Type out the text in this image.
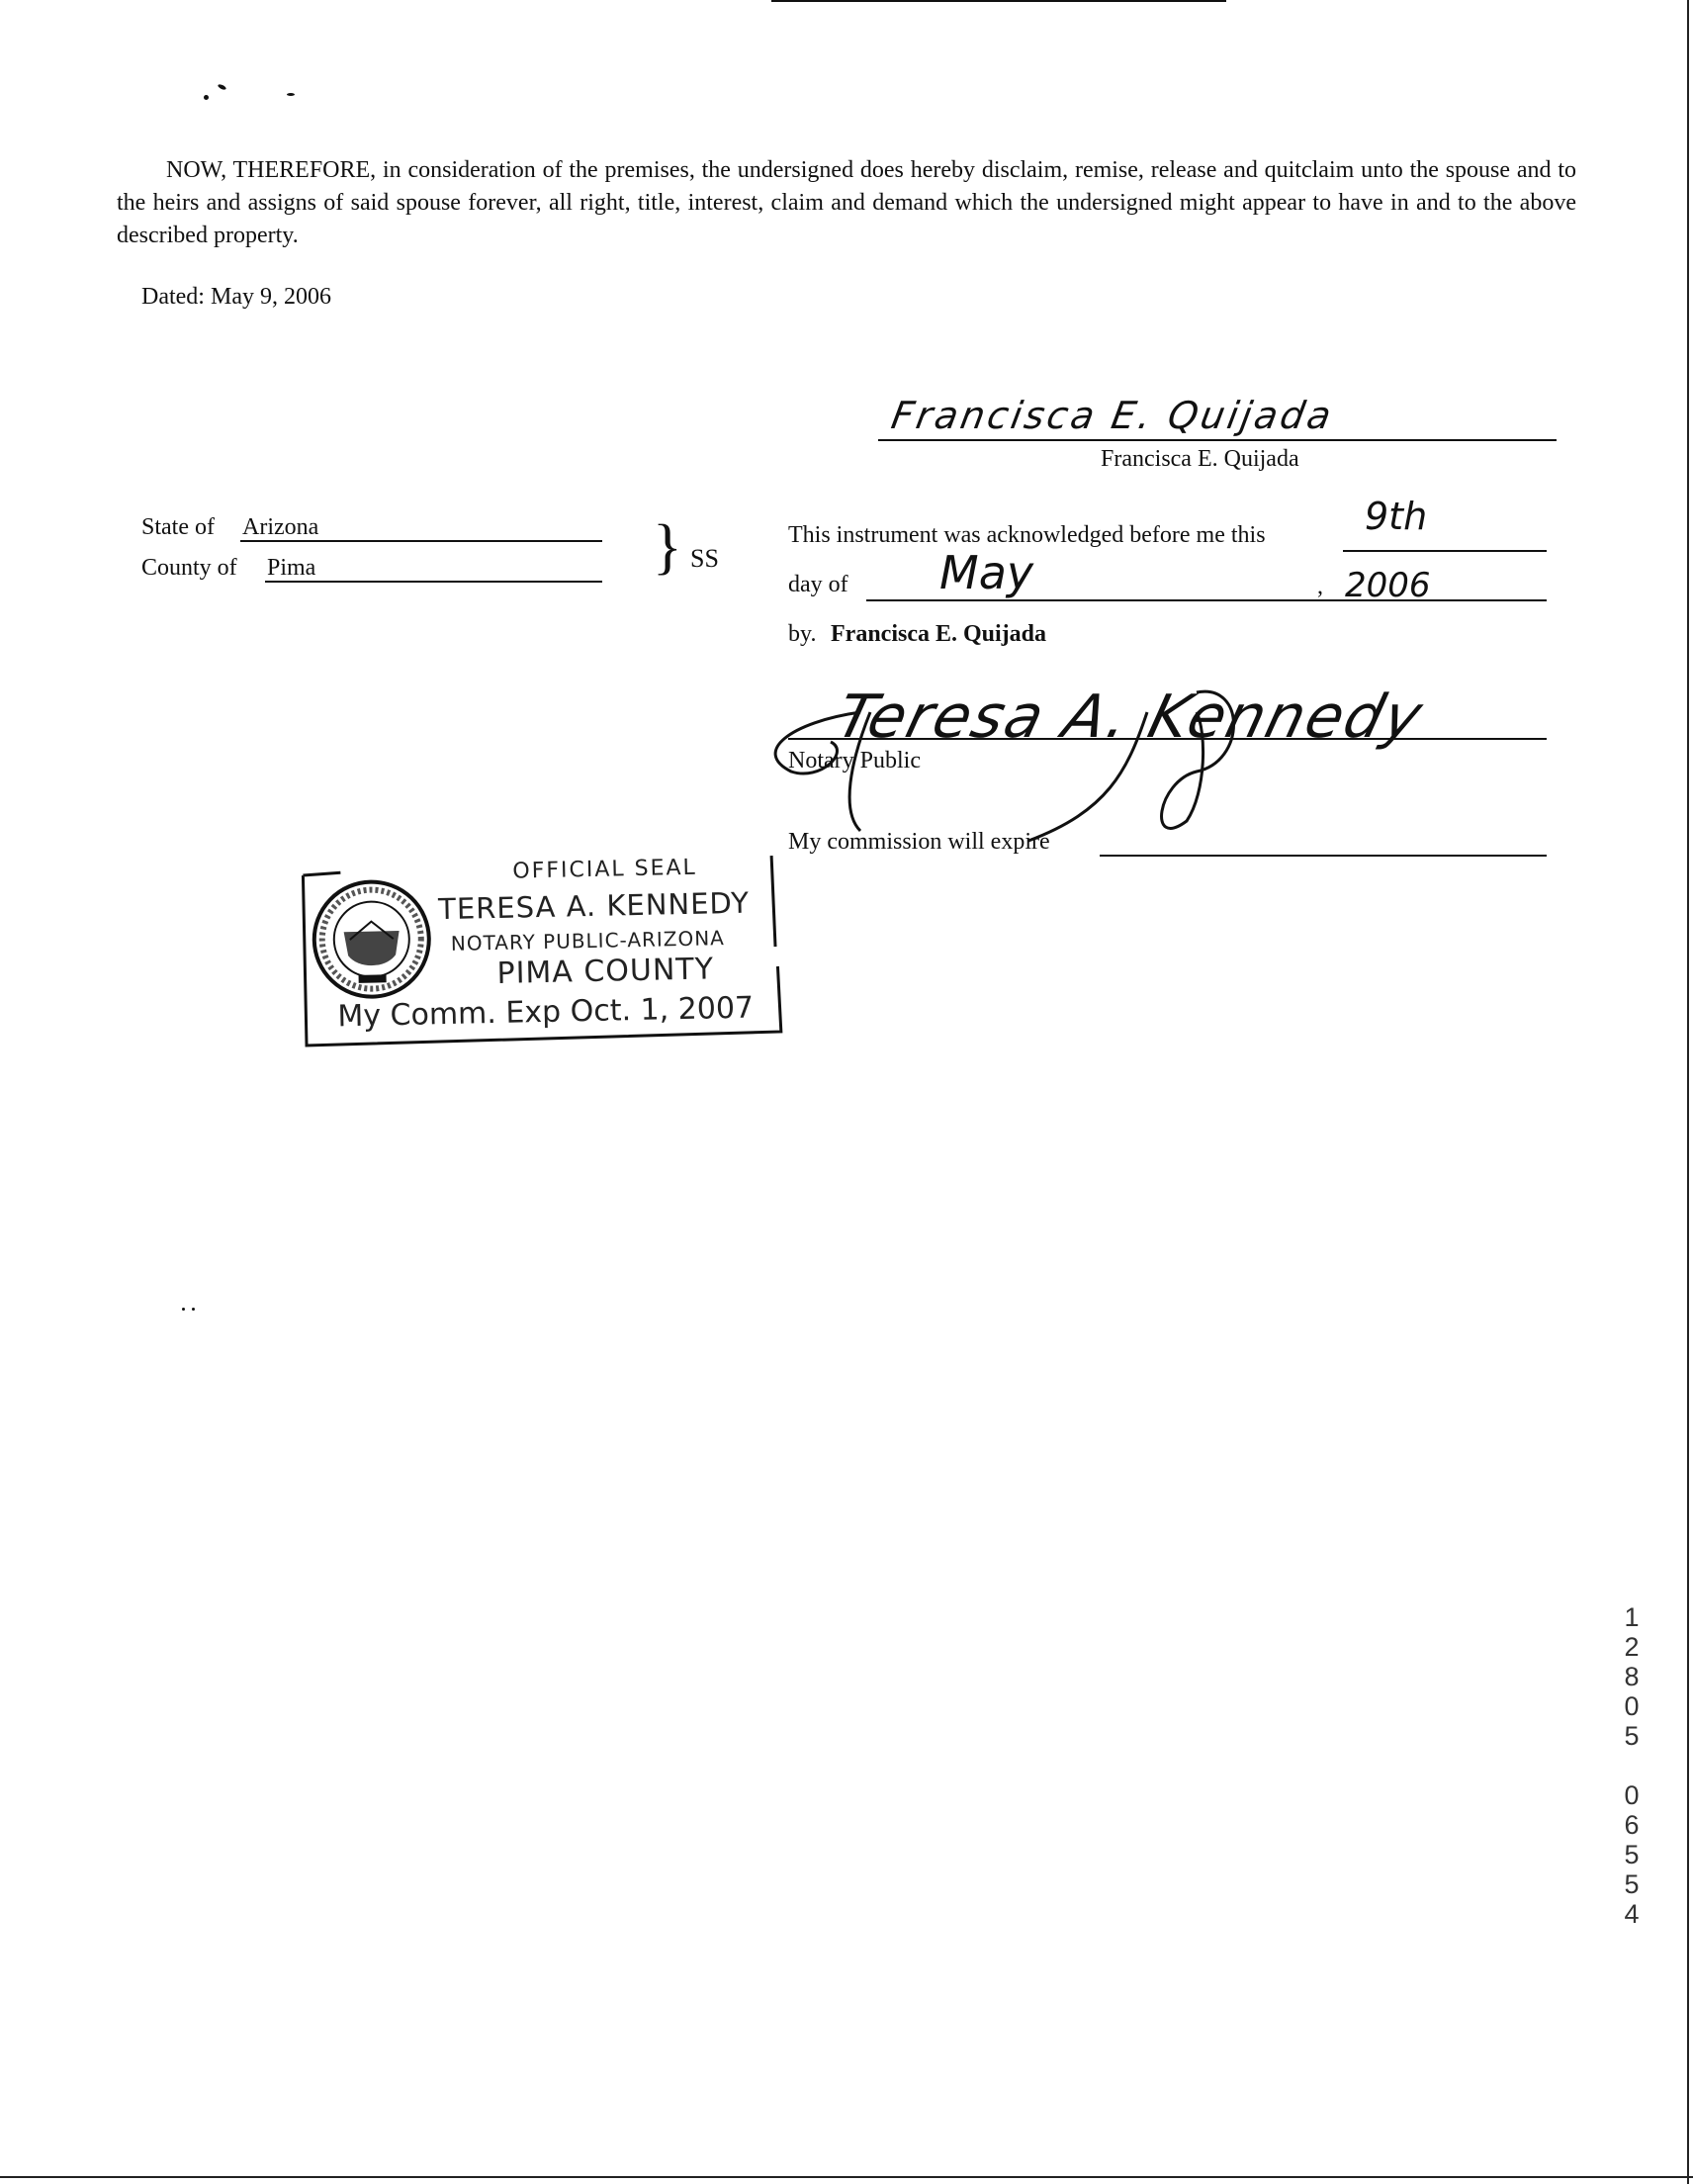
NOW, THEREFORE, in consideration of the premises, the undersigned does hereby disclaim, remise, release and quitclaim unto the spouse and to the heirs and assigns of said spouse forever, all right, title, interest, claim and demand which the undersigned might appear to have in and to the above described property.
Dated: May 9, 2006
Francisca E. Quijada
Francisca E. Quijada
State of Arizona
County of Pima	} SS
This instrument was acknowledged before me this	9th
day of May	, 2006
by. Francisca E. Quijada
Teresa A. Kennedy
Notary Public
My commission will expire
OFFICIAL SEAL
TERESA A. KENNEDY
NOTARY PUBLIC-ARIZONA
PIMA COUNTY
My Comm. Exp Oct. 1, 2007
1
2
8
0
5
0
6
5
5
4
